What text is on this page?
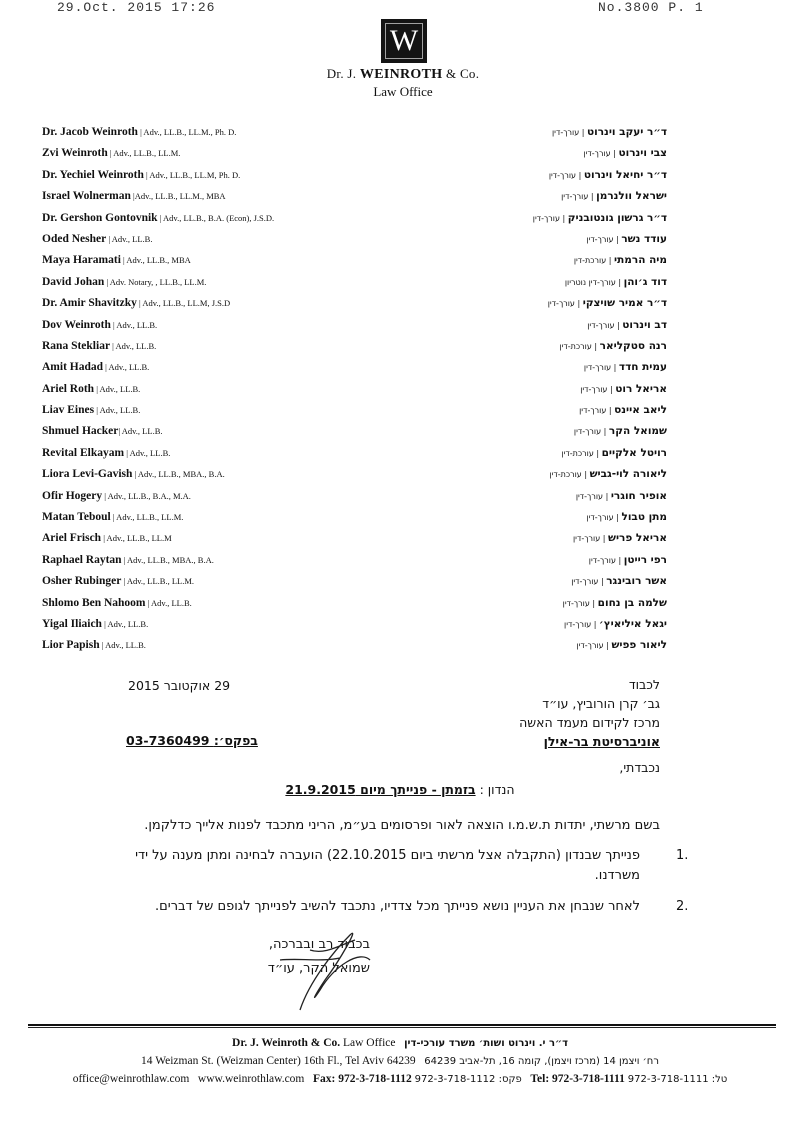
29.Oct. 2015 17:26	No.3800 P. 1
W
Dr. J. WEINROTH & Co.
Law Office
Dr. Jacob Weinroth | Adv., LL.B., LL.M., Ph. D.	ד״ר יעקב וינרוט | עורך-דין
Zvi Weinroth | Adv., LL.B., LL.M.	צבי וינרוט | עורך-דין
Dr. Yechiel Weinroth | Adv., LL.B., LL.M, Ph. D.	ד״ר יחיאל וינרוט | עורך-דין
Israel Wolnerman |Adv., LL.B., LL.M., MBA	ישראל וולנרמן | עורך-דין
Dr. Gershon Gontovnik | Adv., LL.B., B.A. (Econ), J.S.D.	ד״ר גרשון גונטובניק | עורך-דין
Oded Nesher | Adv., LL.B.	עודד נשר | עורך-דין
Maya Haramati | Adv., LL.B., MBA	מיה הרמתי | עורכת-דין
David Johan | Adv. Notary, , LL.B., LL.M.	דוד ג׳והן | עורך-דין נוטריון
Dr. Amir Shavitzky | Adv., LL.B., LL.M, J.S.D	ד״ר אמיר שויצקי | עורך-דין
Dov Weinroth | Adv., LL.B.	דב וינרוט | עורך-דין
Rana Stekliar | Adv., LL.B.	רנה סטקליאר | עורכת-דין
Amit Hadad | Adv., LL.B.	עמית חדד | עורך-דין
Ariel Roth | Adv., LL.B.	אריאל רוט | עורך-דין
Liav Eines | Adv., LL.B.	ליאב איינס | עורך-דין
Shmuel Hacker| Adv., LL.B.	שמואל הקר | עורך-דין
Revital Elkayam | Adv., LL.B.	רויטל אלקיים | עורכת-דין
Liora Levi-Gavish | Adv., LL.B., MBA., B.A.	ליאורה לוי-גביש | עורכת-דין
Ofir Hogery | Adv., LL.B., B.A., M.A.	אופיר חוגרי | עורך-דין
Matan Teboul | Adv., LL.B., LL.M.	מתן טבול | עורך-דין
Ariel Frisch | Adv., LL.B., LL.M	אריאל פריש | עורך-דין
Raphael Raytan | Adv., LL.B., MBA., B.A.	רפי רייטן | עורך-דין
Osher Rubinger | Adv., LL.B., LL.M.	אשר רובינגר | עורך-דין
Shlomo Ben Nahoom | Adv., LL.B.	שלמה בן נחום | עורך-דין
Yigal Iliaich | Adv., LL.B.	יגאל איליאיץ׳ | עורך-דין
Lior Papish | Adv., LL.B.	ליאור פפיש | עורך-דין
לכבוד
29 אוקטובר 2015
גב׳ קרן הורוביץ, עו״ד
מרכז לקידום מעמד האשה
אוניברסיטת בר-אילן
בפקס׳: 03-7360499
נכבדתי,
הנדון : בזמתן - פנייתך מיום 21.9.2015
בשם מרשתי, יתדות ת.ש.מ.ו הוצאה לאור ופרסומים בע״מ, הריני מתכבד לפנות אלייך כדלקמן.
.1
פנייתך שבנדון (התקבלה אצל מרשתי ביום 22.10.2015) הועברה לבחינה ומתן מענה על ידי
משרדנו.
.2
לאחר שנבחן את העניין נושא פנייתך מכל צדדיו, נתכבד להשיב לפנייתך לגופם של דברים.
בכבוד רב ובברכה,
שמואל הקר, עו״ד
Dr. J. Weinroth & Co. Law Office ד״ר י. וינרוט ושות׳ משרד עורכי-דין
14 Weizman St. (Weizman Center) 16th Fl., Tel Aviv 64239 רח׳ ויצמן 14 (מרכז ויצמן), קומה 16, תל-אביב 64239
office@weinrothlaw.com www.weinrothlaw.com Fax: 972-3-718-1112 פקס: 972-3-718-1112 Tel: 972-3-718-1111 טל: 972-3-718-1111
